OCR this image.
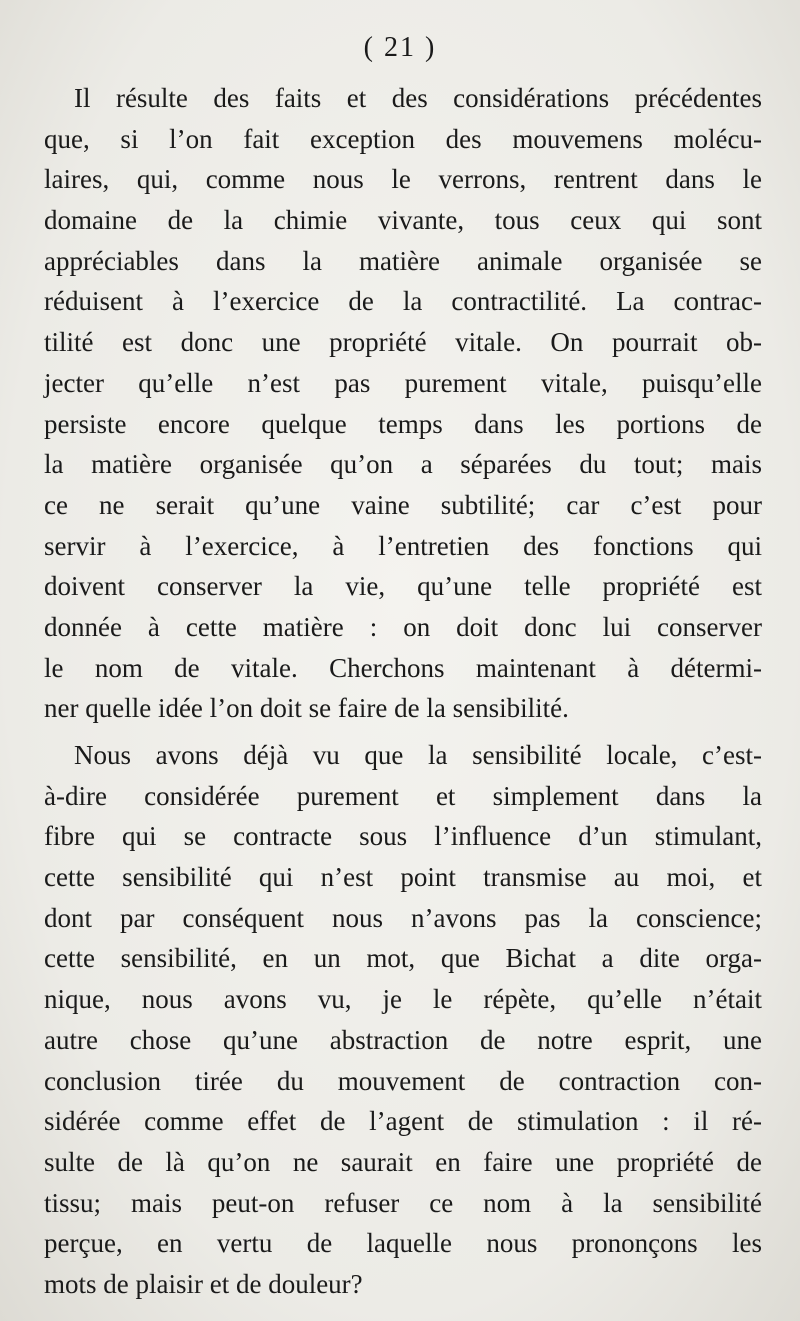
( 21 )
Il résulte des faits et des considérations précédentes
que, si l’on fait exception des mouvemens molécu-
laires, qui, comme nous le verrons, rentrent dans le
domaine de la chimie vivante, tous ceux qui sont
appréciables dans la matière animale organisée se
réduisent à l’exercice de la contractilité. La contrac-
tilité est donc une propriété vitale. On pourrait ob-
jecter qu’elle n’est pas purement vitale, puisqu’elle
persiste encore quelque temps dans les portions de
la matière organisée qu’on a séparées du tout; mais
ce ne serait qu’une vaine subtilité; car c’est pour
servir à l’exercice, à l’entretien des fonctions qui
doivent conserver la vie, qu’une telle propriété est
donnée à cette matière : on doit donc lui conserver
le nom de vitale. Cherchons maintenant à détermi-
ner quelle idée l’on doit se faire de la sensibilité.
Nous avons déjà vu que la sensibilité locale, c’est-
à-dire considérée purement et simplement dans la
fibre qui se contracte sous l’influence d’un stimulant,
cette sensibilité qui n’est point transmise au moi, et
dont par conséquent nous n’avons pas la conscience;
cette sensibilité, en un mot, que Bichat a dite orga-
nique, nous avons vu, je le répète, qu’elle n’était
autre chose qu’une abstraction de notre esprit, une
conclusion tirée du mouvement de contraction con-
sidérée comme effet de l’agent de stimulation : il ré-
sulte de là qu’on ne saurait en faire une propriété de
tissu; mais peut-on refuser ce nom à la sensibilité
perçue, en vertu de laquelle nous prononçons les
mots de plaisir et de douleur?
